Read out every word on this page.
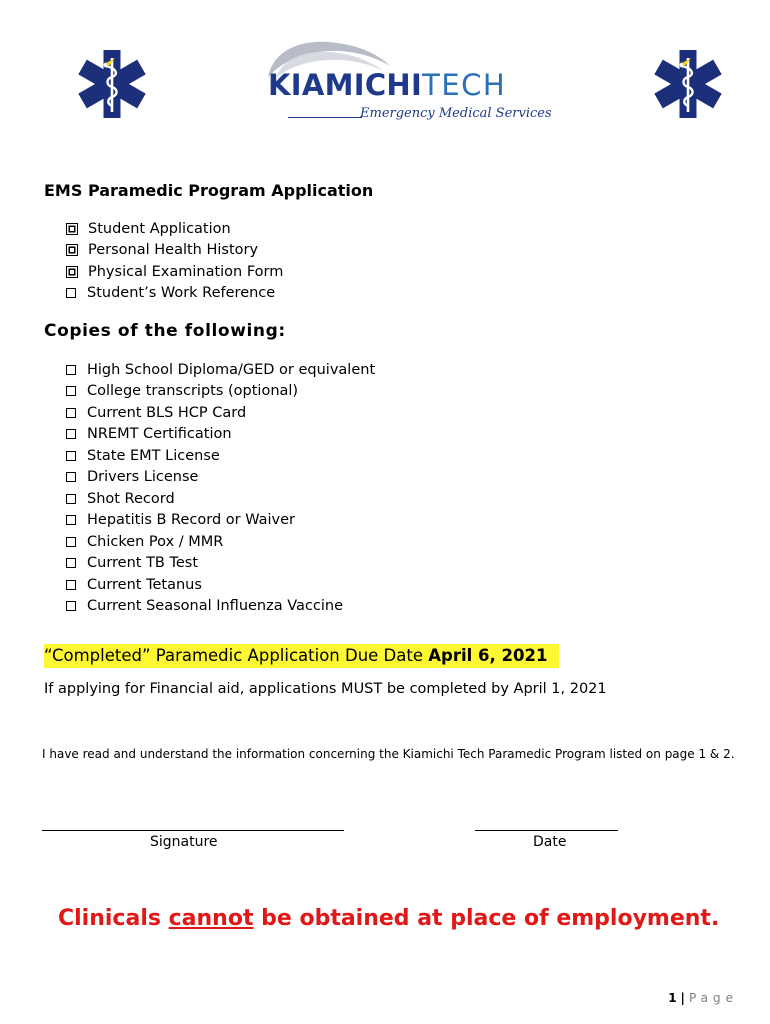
KIAMICHITECH
Emergency Medical Services
EMS Paramedic Program Application
Student Application
Personal Health History
Physical Examination Form
Student’s Work Reference
Copies of the following:
High School Diploma/GED or equivalent
College transcripts (optional)
Current BLS HCP Card
NREMT Certification
State EMT License
Drivers License
Shot Record
Hepatitis B Record or Waiver
Chicken Pox / MMR
Current TB Test
Current Tetanus
Current Seasonal Influenza Vaccine
“Completed” Paramedic Application Due Date April 6, 2021
If applying for Financial aid, applications MUST be completed by April 1, 2021
I have read and understand the information concerning the Kiamichi Tech Paramedic Program listed on page 1 & 2.
Signature	Date
Clinicals cannot be obtained at place of employment.
1 | Page
